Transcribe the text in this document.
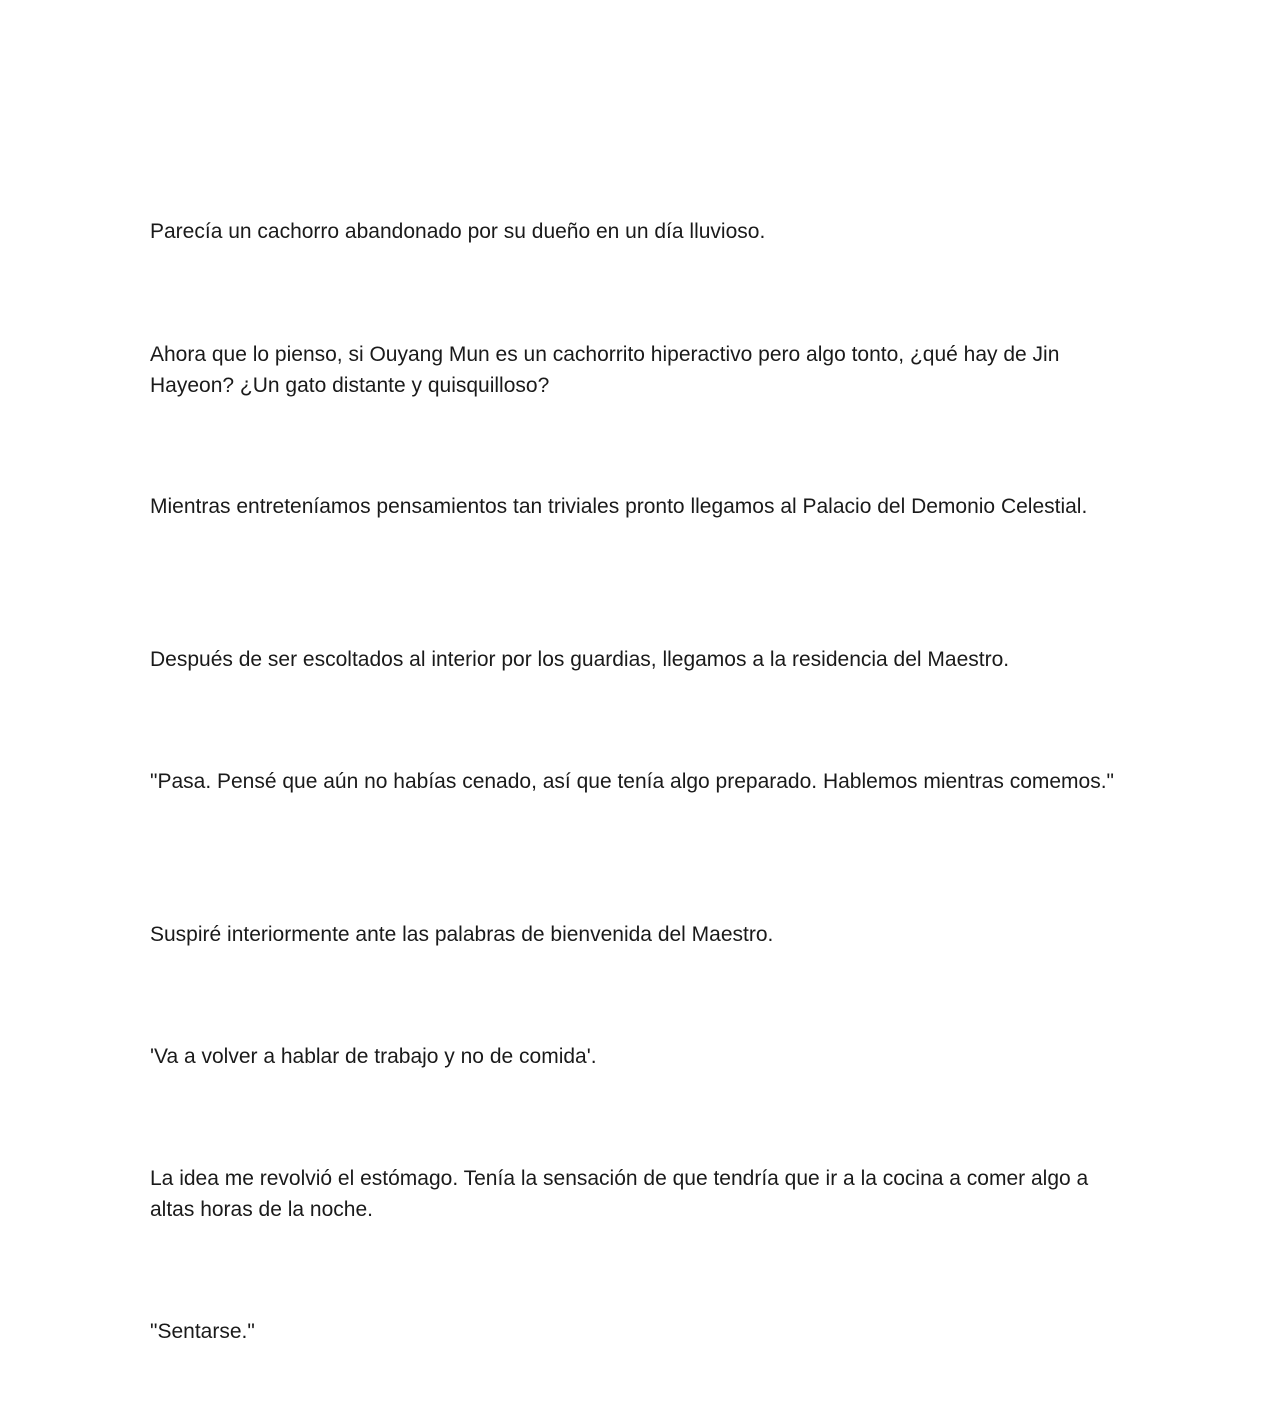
Parecía un cachorro abandonado por su dueño en un día lluvioso.

Ahora que lo pienso, si Ouyang Mun es un cachorrito hiperactivo pero algo tonto, ¿qué hay de Jin Hayeon? ¿Un gato distante y quisquilloso?

Mientras entreteníamos pensamientos tan triviales pronto llegamos al Palacio del Demonio Celestial.

Después de ser escoltados al interior por los guardias, llegamos a la residencia del Maestro.

"Pasa. Pensé que aún no habías cenado, así que tenía algo preparado. Hablemos mientras comemos."

Suspiré interiormente ante las palabras de bienvenida del Maestro.

'Va a volver a hablar de trabajo y no de comida'.

La idea me revolvió el estómago. Tenía la sensación de que tendría que ir a la cocina a comer algo a altas horas de la noche.

"Sentarse."
